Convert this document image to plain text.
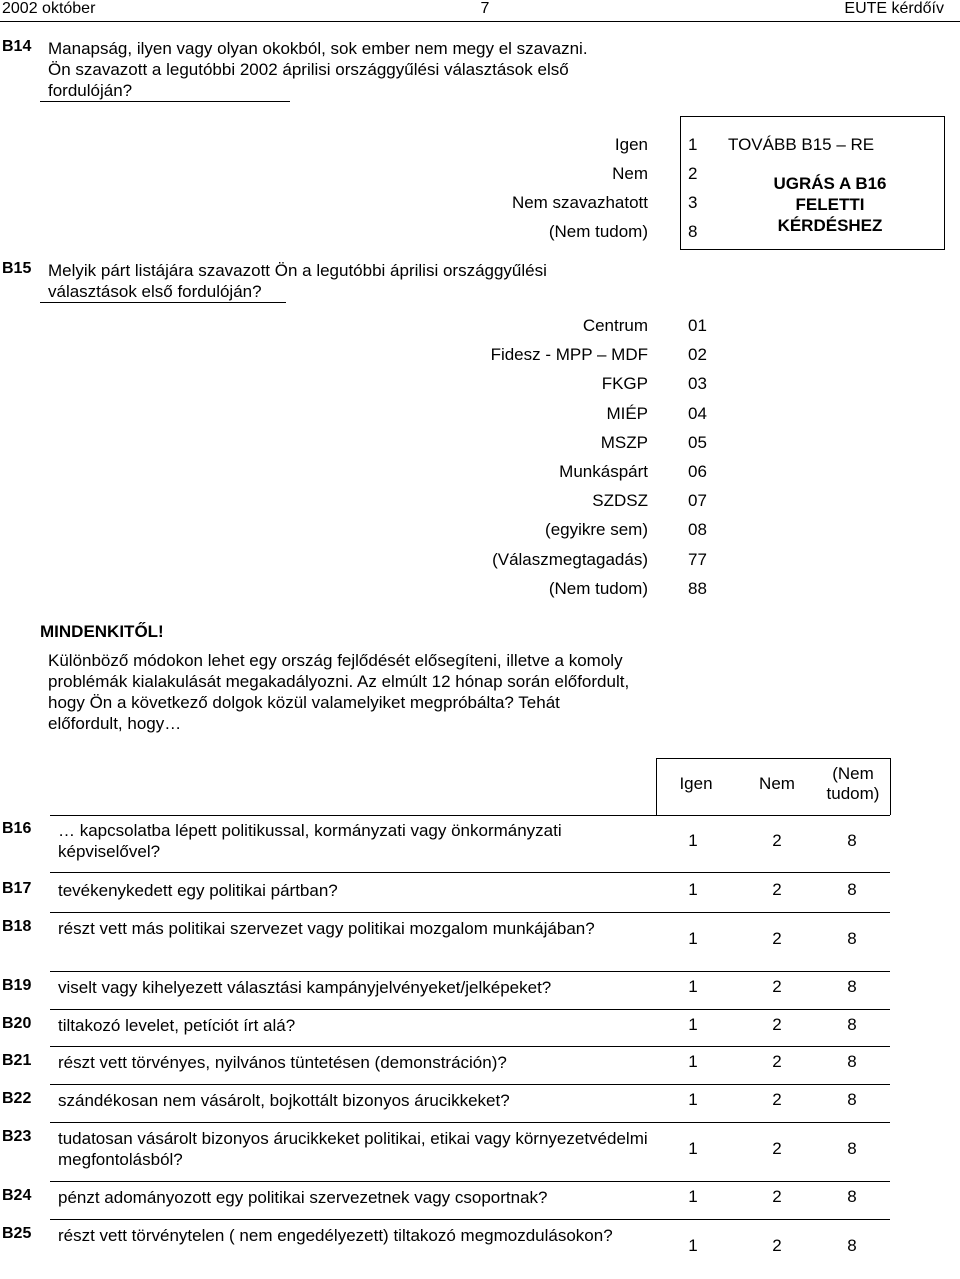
2002 október	7	EUTE kérdőív
B14 Manapság, ilyen vagy olyan okokból, sok ember nem megy el szavazni. Ön szavazott a legutóbbi 2002 áprilisi országgyűlési választások első fordulóján?
Igen 1
Nem 2
Nem szavazhatott 3
(Nem tudom) 8
TOVÁBB B15 – RE
UGRÁS A B16 FELETTI KÉRDÉSHEZ
B15 Melyik párt listájára szavazott Ön a legutóbbi áprilisi országgyűlési választások első fordulóján?
Centrum 01
Fidesz - MPP – MDF 02
FKGP 03
MIÉP 04
MSZP 05
Munkáspárt 06
SZDSZ 07
(egyikre sem) 08
(Válaszmegtagadás) 77
(Nem tudom) 88
MINDENKITŐL!
Különböző módokon lehet egy ország fejlődését elősegíteni, illetve a komoly problémák kialakulását megakadályozni. Az elmúlt 12 hónap során előfordult, hogy Ön a következő dolgok közül valamelyiket megpróbálta? Tehát előfordult, hogy…
Igen	Nem
(Nem tudom)
B16 … kapcsolatba lépett politikussal, kormányzati vagy önkormányzati képviselővel?
1	2	8
B17 tevékenykedett egy politikai pártban?	1	2	8
B18 részt vett más politikai szervezet vagy politikai mozgalom munkájában?
1	2	8
B19 viselt vagy kihelyezett választási kampányjelvényeket/jelképeket?	1	2	8
B20 tiltakozó levelet, petíciót írt alá?	1	2	8
B21 részt vett törvényes, nyilvános tüntetésen (demonstráción)?	1	2	8
B22 szándékosan nem vásárolt, bojkottált bizonyos árucikkeket?	1	2	8
B23 tudatosan vásárolt bizonyos árucikkeket politikai, etikai vagy környezetvédelmi megfontolásból?
1	2	8
B24 pénzt adományozott egy politikai szervezetnek vagy csoportnak?	1	2	8
B25 részt vett törvénytelen ( nem engedélyezett) tiltakozó megmozdulásokon?
1	2	8
